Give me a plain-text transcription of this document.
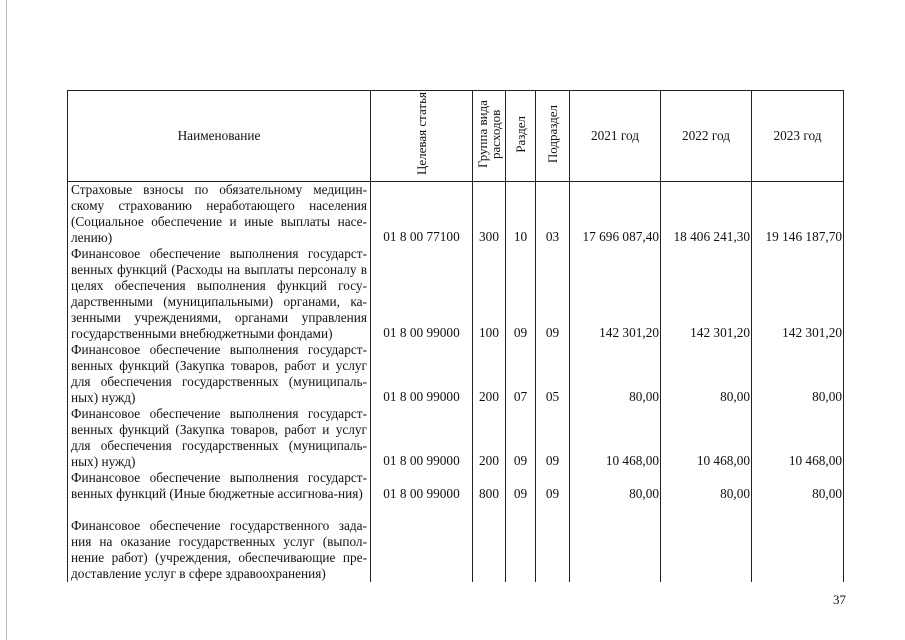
Наименование	Целевая статья	Группа вида расходов	Раздел	Подраздел	2021 год	2022 год	2023 год
Страховые взносы по обязательному медицин-скому страхованию неработающего населения (Социальное обеспечение и иные выплаты насе-лению)	01 8 00 77100	300	10	03	17 696 087,40	18 406 241,30	19 146 187,70
Финансовое обеспечение выполнения государст-венных функций (Расходы на выплаты персоналу в целях обеспечения выполнения функций госу-дарственными (муниципальными) органами, ка-зенными учреждениями, органами управления государственными внебюджетными фондами)	01 8 00 99000	100	09	09	142 301,20	142 301,20	142 301,20
Финансовое обеспечение выполнения государст-венных функций (Закупка товаров, работ и услуг для обеспечения государственных (муниципаль-ных) нужд)	01 8 00 99000	200	07	05	80,00	80,00	80,00
Финансовое обеспечение выполнения государст-венных функций (Закупка товаров, работ и услуг для обеспечения государственных (муниципаль-ных) нужд)	01 8 00 99000	200	09	09	10 468,00	10 468,00	10 468,00
Финансовое обеспечение выполнения государст-венных функций (Иные бюджетные ассигнова-ния)	01 8 00 99000	800	09	09	80,00	80,00	80,00
Финансовое обеспечение государственного зада-ния на оказание государственных услуг (выпол-нение работ) (учреждения, обеспечивающие пре-доставление услуг в сфере здравоохранения)							
37
